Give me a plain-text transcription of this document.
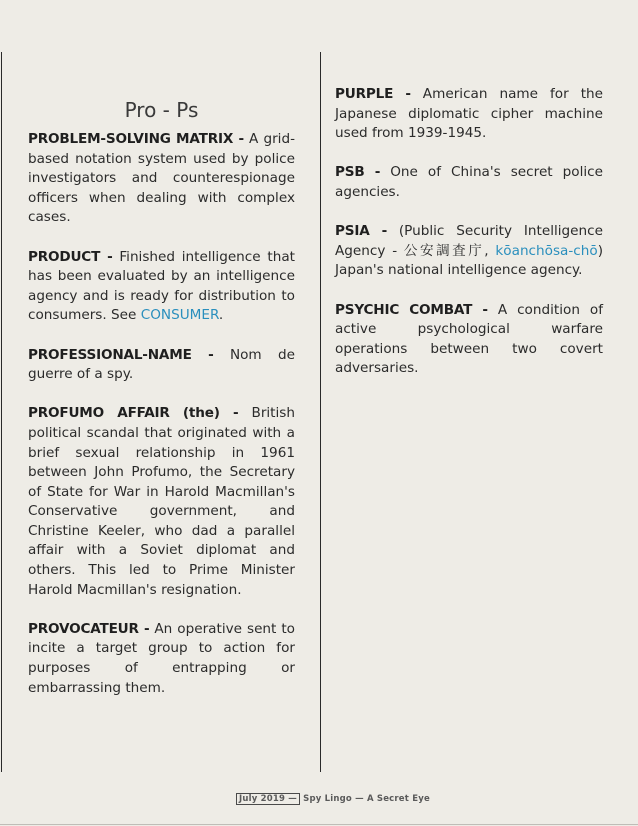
Pro - Ps

PROBLEM-SOLVING MATRIX - A grid-based notation system used by police investigators and counterespionage officers when dealing with complex cases.

PRODUCT - Finished intelligence that has been evaluated by an intelligence agency and is ready for distribution to consumers. See CONSUMER.

PROFESSIONAL-NAME - Nom de guerre of a spy.

PROFUMO AFFAIR (the) - British political scandal that originated with a brief sexual relationship in 1961 between John Profumo, the Secretary of State for War in Harold Macmillan's Conservative government, and Christine Keeler, who dad a parallel affair with a Soviet diplomat and others. This led to Prime Minister Harold Macmillan's resignation.

PROVOCATEUR - An operative sent to incite a target group to action for purposes of entrapping or embarrassing them.

PURPLE - American name for the Japanese diplomatic cipher machine used from 1939-1945.

PSB - One of China's secret police agencies.

PSIA - (Public Security Intelligence Agency - 公安調査庁, kōanchōsa-chō) Japan's national intelligence agency.

PSYCHIC COMBAT - A condition of active psychological warfare operations between two covert adversaries.

July 2019 — Spy Lingo — A Secret Eye
